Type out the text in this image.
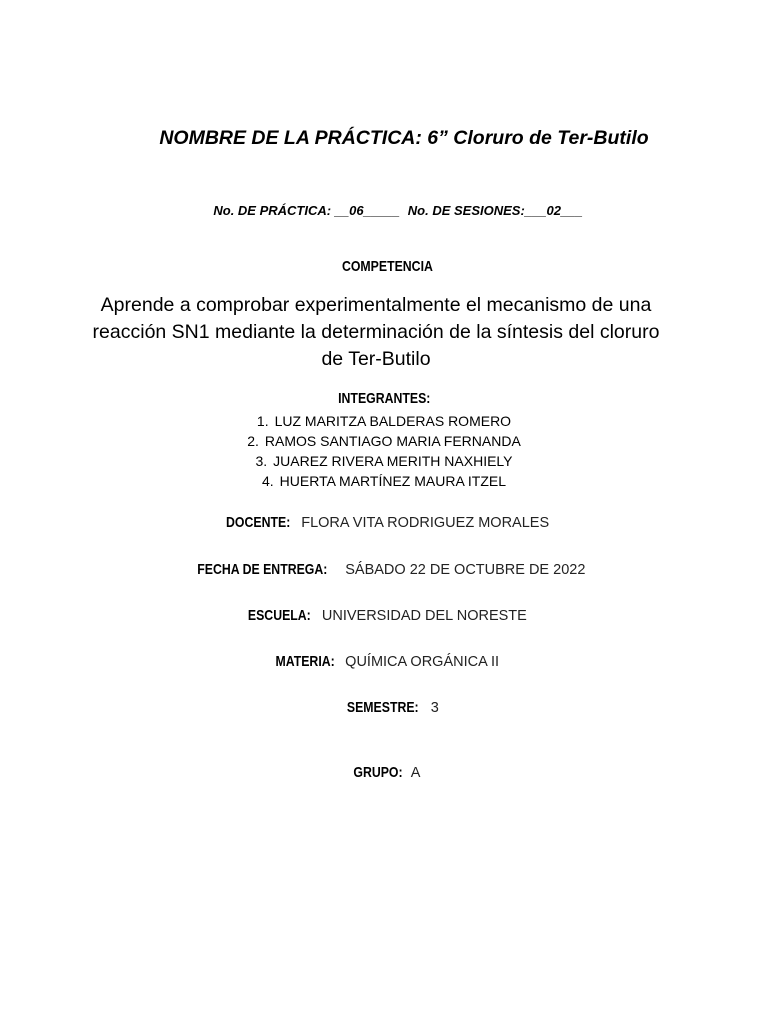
NOMBRE DE LA PRÁCTICA: 6” Cloruro de Ter-Butilo
No. DE PRÁCTICA: __06_____ No. DE SESIONES:___02___
COMPETENCIA
Aprende a comprobar experimentalmente el mecanismo de una reacción SN1 mediante la determinación de la síntesis del cloruro de Ter-Butilo
INTEGRANTES:
1. LUZ MARITZA BALDERAS ROMERO
2. RAMOS SANTIAGO MARIA FERNANDA
3. JUAREZ RIVERA MERITH NAXHIELY
4. HUERTA MARTÍNEZ MAURA ITZEL
DOCENTE: FLORA VITA RODRIGUEZ MORALES
FECHA DE ENTREGA: SÁBADO 22 DE OCTUBRE DE 2022
ESCUELA: UNIVERSIDAD DEL NORESTE
MATERIA: QUÍMICA ORGÁNICA II
SEMESTRE: 3
GRUPO: A
